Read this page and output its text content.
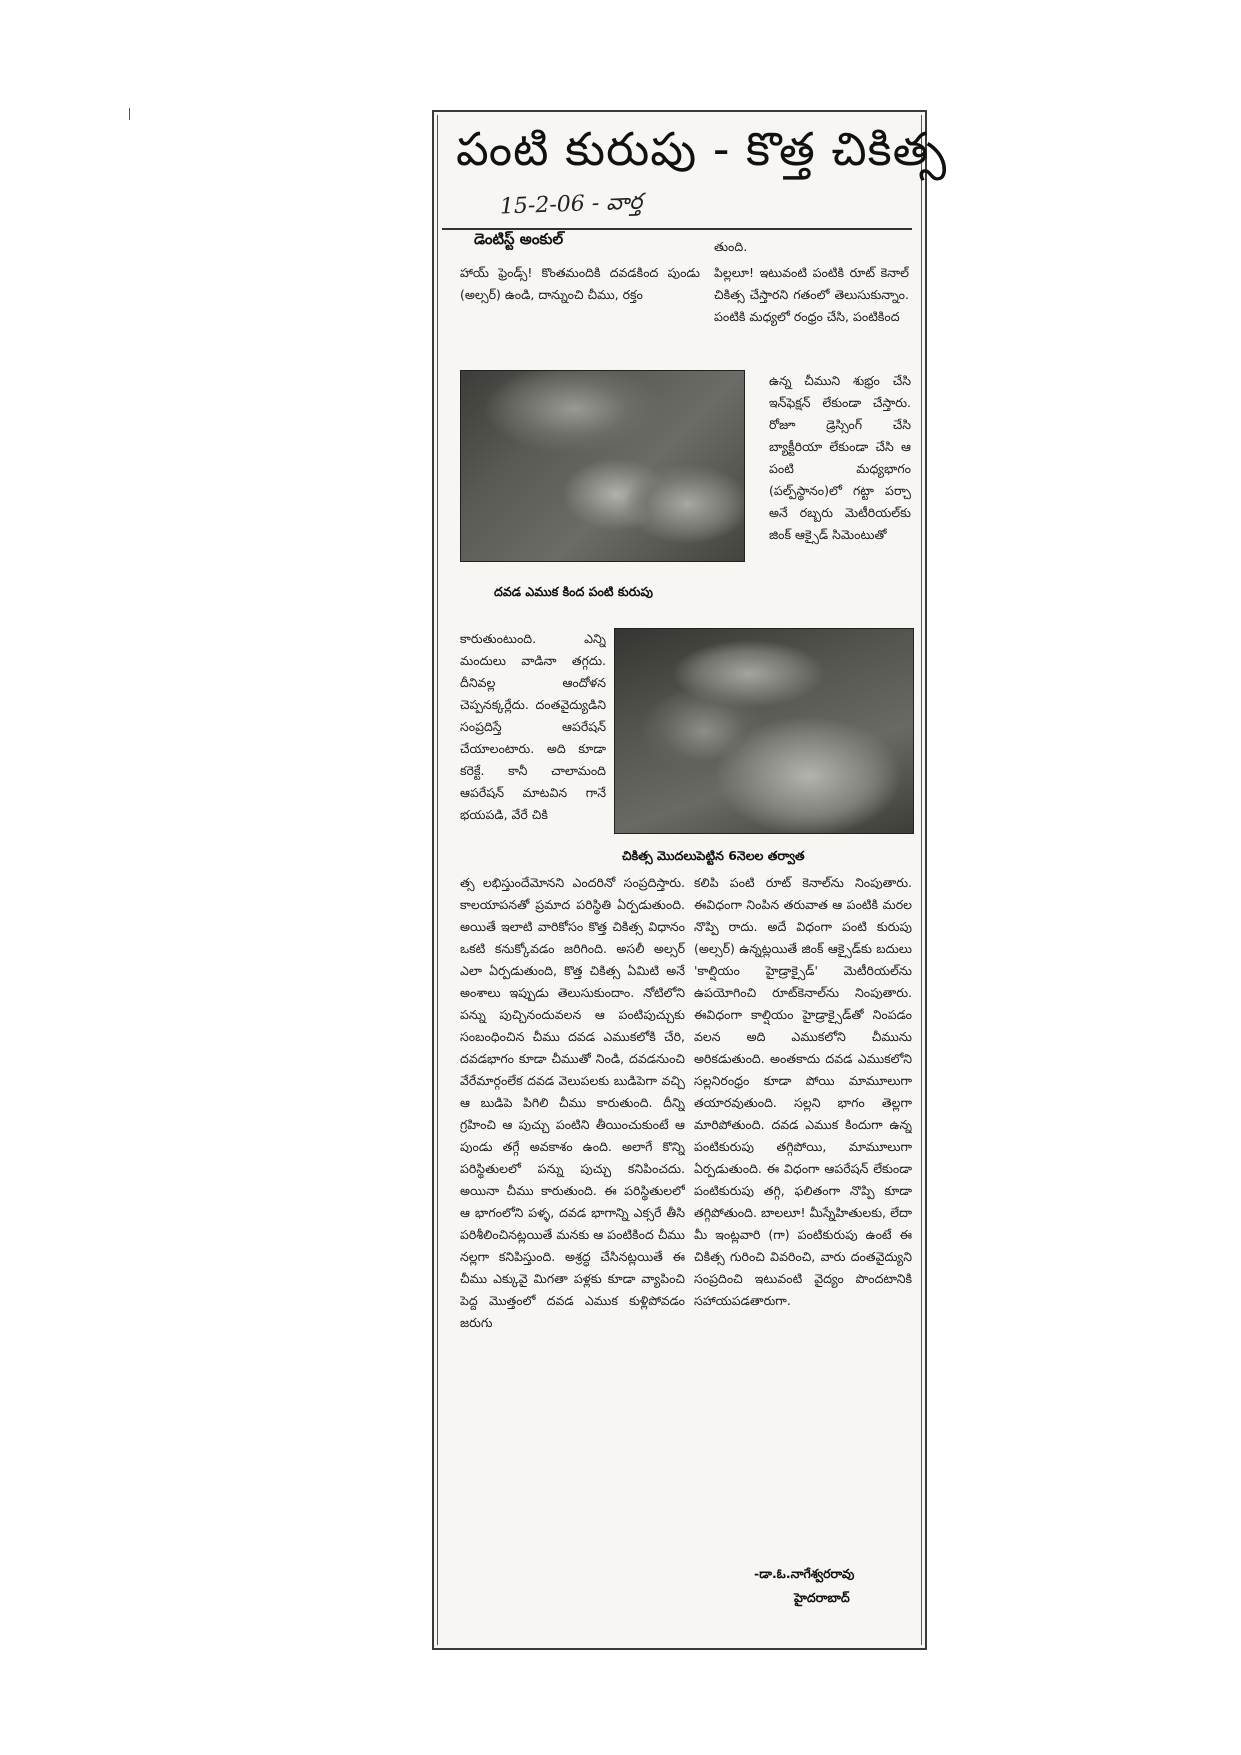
పంటి కురుపు - కొత్త చికిత్స
15-2-06 - వార్త
డెంటిస్ట్ అంకుల్
హాయ్ ఫ్రెండ్స్! కొంతమందికి దవడకింద పుండు (అల్సర్) ఉండి, దాన్నుంచి చీము, రక్తం
తుంది.
పిల్లలూ! ఇటువంటి పంటికి రూట్ కెనాల్ చికిత్స చేస్తారని గతంలో తెలుసుకున్నాం. పంటికి మధ్యలో రంధ్రం చేసి, పంటికింద
దవడ ఎముక కింద పంటి కురుపు
ఉన్న చీముని శుభ్రం చేసి ఇన్‌ఫెక్షన్ లేకుండా చేస్తారు. రోజూ డ్రెస్సింగ్ చేసి బ్యాక్టీరియా లేకుండా చేసి ఆ పంటి మధ్యభాగం (పల్ప్‌స్థానం)లో గట్టా పర్చా అనే రబ్బరు మెటీరియల్‌కు జింక్ ఆక్సైడ్ సిమెంటుతో
కారుతుంటుంది. ఎన్ని మందులు వాడినా తగ్గదు. దీనివల్ల ఆందోళన చెప్పనక్కర్లేదు. దంతవైద్యుడిని సంప్రదిస్తే ఆపరేషన్ చేయాలంటారు. అది కూడా కరెక్టే. కానీ చాలామంది ఆపరేషన్ మాటవిన గానే భయపడి, వేరే చికి
చికిత్స మొదలుపెట్టిన 6నెలల తర్వాత
త్స లభిస్తుందేమోనని ఎందరినో సంప్రదిస్తారు. కాలయాపనతో ప్రమాద పరిస్థితి ఏర్పడుతుంది. అయితే ఇలాటి వారికోసం కొత్త చికిత్స విధానం ఒకటి కనుక్కోవడం జరిగింది. అసలీ అల్సర్ ఎలా ఏర్పడుతుంది, కొత్త చికిత్స ఏమిటి అనే అంశాలు ఇప్పుడు తెలుసుకుందాం. నోటిలోని పన్ను పుచ్చినందువలన ఆ పంటిపుచ్చుకు సంబంధించిన చీము దవడ ఎముకలోకి చేరి, దవడభాగం కూడా చీముతో నిండి, దవడనుంచి వేరేమార్గంలేక దవడ వెలుపలకు బుడిపెగా వచ్చి ఆ బుడిపె పిగిలి చీము కారుతుంది. దీన్ని గ్రహించి ఆ పుచ్చు పంటిని తీయించుకుంటే ఆ పుండు తగ్గే అవకాశం ఉంది. అలాగే కొన్ని పరిస్థితులలో పన్ను పుచ్చు కనిపించదు. అయినా చీము కారుతుంది. ఈ పరిస్థితులలో ఆ భాగంలోని పళ్ళ, దవడ భాగాన్ని ఎక్సరే తీసి పరిశీలించినట్లయితే మనకు ఆ పంటికింద చీము నల్లగా కనిపిస్తుంది. అశ్రద్ధ చేసినట్లయితే ఈ చీము ఎక్కువై మిగతా పళ్లకు కూడా వ్యాపించి పెద్ద మొత్తంలో దవడ ఎముక కుళ్లిపోవడం జరుగు
కలిపి పంటి రూట్ కెనాల్‌ను నింపుతారు. ఈవిధంగా నింపిన తరువాత ఆ పంటికి మరల నొప్పి రాదు. అదే విధంగా పంటి కురుపు (అల్సర్) ఉన్నట్లయితే జింక్ ఆక్సైడ్‌కు బదులు 'కాల్షియం హైడ్రాక్సైడ్' మెటీరియల్‌ను ఉపయోగించి రూట్‌కెనాల్‌ను నింపుతారు. ఈవిధంగా కాల్షియం హైడ్రాక్సైడ్‌తో నింపడం వలన అది ఎముకలోని చీమును అరికడుతుంది. అంతకాదు దవడ ఎముకలోని సల్లనిరంధ్రం కూడా పోయి మామూలుగా తయారవుతుంది. సల్లని భాగం తెల్లగా మారిపోతుంది. దవడ ఎముక కిందుగా ఉన్న పంటికురుపు తగ్గిపోయి, మామూలుగా ఏర్పడుతుంది. ఈ విధంగా ఆపరేషన్ లేకుండా పంటికురుపు తగ్గి, ఫలితంగా నొప్పి కూడా తగ్గిపోతుంది. బాలలూ! మీస్నేహితులకు, లేదా మీ ఇంట్లవారి (గా) పంటికురుపు ఉంటే ఈ చికిత్స గురించి వివరించి, వారు దంతవైద్యుని సంప్రదించి ఇటువంటి వైద్యం పొందటానికి సహాయపడతారుగా.
-డా.ఓ.నాగేశ్వరరావు
హైదరాబాద్
